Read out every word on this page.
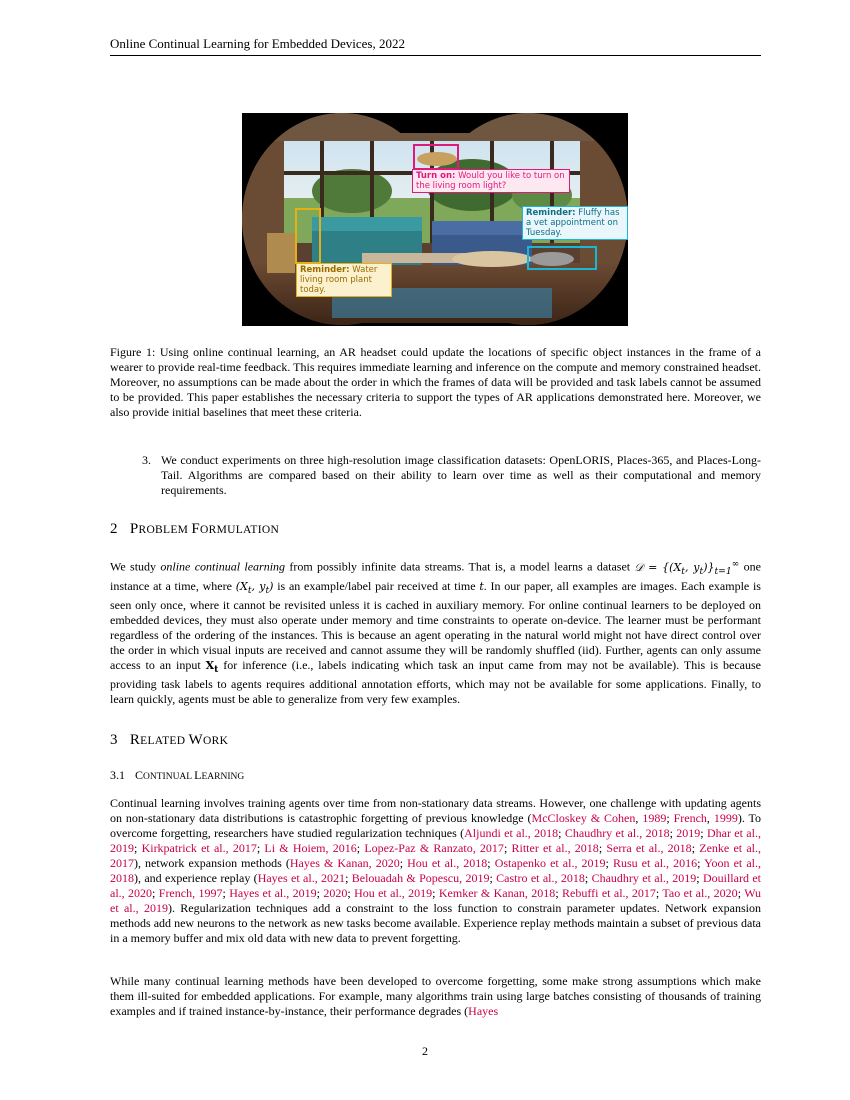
Online Continual Learning for Embedded Devices, 2022
Turn on: Would you like to turn on the living room light?
Reminder: Fluffy has a vet appointment on Tuesday.
Reminder: Water living room plant today.
Figure 1: Using online continual learning, an AR headset could update the locations of specific object instances in the frame of a wearer to provide real-time feedback. This requires immediate learning and inference on the compute and memory constrained headset. Moreover, no assumptions can be made about the order in which the frames of data will be provided and task labels cannot be assumed to be provided. This paper establishes the necessary criteria to support the types of AR applications demonstrated here. Moreover, we also provide initial baselines that meet these criteria.
3. We conduct experiments on three high-resolution image classification datasets: OpenLORIS, Places-365, and Places-Long-Tail. Algorithms are compared based on their ability to learn over time as well as their computational and memory requirements.
2 PROBLEM FORMULATION

We study online continual learning from possibly infinite data streams. That is, a model learns a dataset 𝒟 = {($X_t$, $y_t)\}_{t=1}^\infty$ one instance at a time, where ($X_t$, $y_t$) is an example/label pair received at time t. In our paper, all examples are images. Each example is seen only once, where it cannot be revisited unless it is cached in auxiliary memory. For online continual learners to be deployed on embedded devices, they must also operate under memory and time constraints to operate on-device. The learner must be performant regardless of the ordering of the instances. This is because an agent operating in the natural world might not have direct control over the order in which visual inputs are received and cannot assume they will be randomly shuffled (iid). Further, agents can only assume access to an input $X_t$ for inference (i.e., labels indicating which task an input came from may not be available). This is because providing task labels to agents requires additional annotation efforts, which may not be available for some applications. Finally, to learn quickly, agents must be able to generalize from very few examples.

3 RELATED WORK
3.1 CONTINUAL LEARNING

Continual learning involves training agents over time from non-stationary data streams. However, one challenge with updating agents on non-stationary data distributions is catastrophic forgetting of previous knowledge (McCloskey & Cohen, 1989; French, 1999). To overcome forgetting, researchers have studied regularization techniques (Aljundi et al., 2018; Chaudhry et al., 2018; 2019; Dhar et al., 2019; Kirkpatrick et al., 2017; Li & Hoiem, 2016; Lopez-Paz & Ranzato, 2017; Ritter et al., 2018; Serra et al., 2018; Zenke et al., 2017), network expansion methods (Hayes & Kanan, 2020; Hou et al., 2018; Ostapenko et al., 2019; Rusu et al., 2016; Yoon et al., 2018), and experience replay (Hayes et al., 2021; Belouadah & Popescu, 2019; Castro et al., 2018; Chaudhry et al., 2019; Douillard et al., 2020; French, 1997; Hayes et al., 2019; 2020; Hou et al., 2019; Kemker & Kanan, 2018; Rebuffi et al., 2017; Tao et al., 2020; Wu et al., 2019). Regularization techniques add a constraint to the loss function to constrain parameter updates. Network expansion methods add new neurons to the network as new tasks become available. Experience replay methods maintain a subset of previous data in a memory buffer and mix old data with new data to prevent forgetting.

While many continual learning methods have been developed to overcome forgetting, some make strong assumptions which make them ill-suited for embedded applications. For example, many algorithms train using large batches consisting of thousands of training examples and if trained instance-by-instance, their performance degrades (Hayes

2
